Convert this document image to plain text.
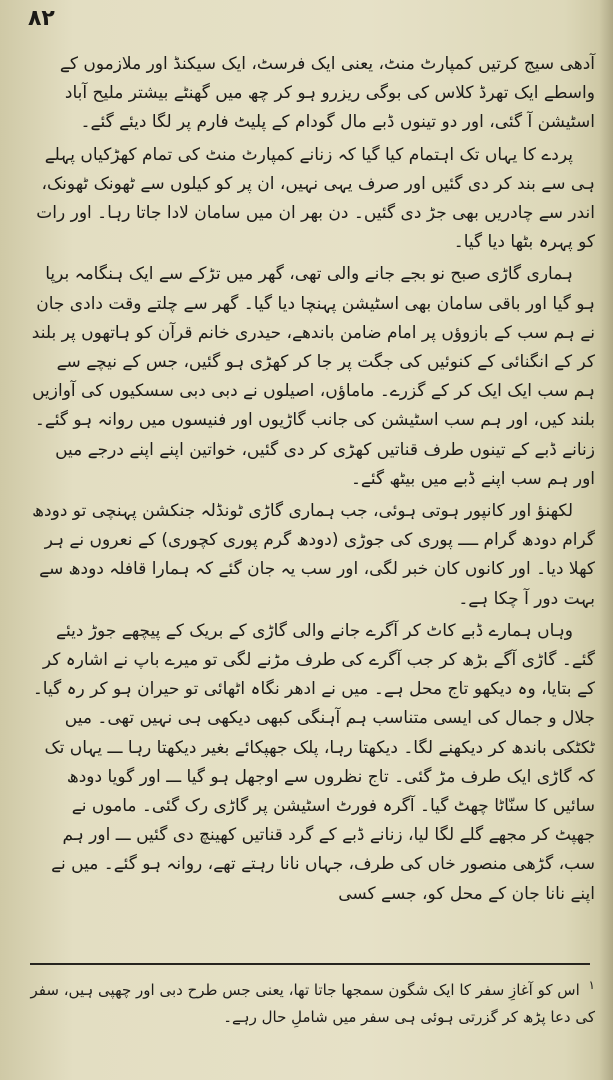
۸۲

آدھی سیج کرتیں کمپارٹ منٹ، یعنی ایک فرسٹ، ایک سیکنڈ اور ملازموں کے واسطے ایک تھرڈ کلاس کی بوگی ریزرو ہو کر چھ میں گھنٹے بیشتر ملیح آباد اسٹیشن آ گئی، اور دو تینوں ڈبے مال گودام کے پلیٹ فارم پر لگا دیئے گئے۔

پردے کا یہاں تک اہتمام کیا گیا کہ زنانے کمپارٹ منٹ کی تمام کھڑکیاں پہلے ہی سے بند کر دی گئیں اور صرف یہی نہیں، ان پر کو کیلوں سے ٹھونک ٹھونک، اندر سے چادریں بھی جڑ دی گئیں۔ دن بھر ان میں سامان لادا جاتا رہا۔ اور رات کو پہرہ بٹھا دیا گیا۔

ہماری گاڑی صبح نو بجے جانے والی تھی، گھر میں تڑکے سے ایک ہنگامہ برپا ہو گیا اور باقی سامان بھی اسٹیشن پہنچا دیا گیا۔ گھر سے چلتے وقت دادی جان نے ہم سب کے بازوؤں پر امام ضامن باندھے، حیدری خانم قرآن کو ہاتھوں پر بلند کر کے انگنائی کے کنوئیں کی جگت پر جا کر کھڑی ہو گئیں، جس کے نیچے سے ہم سب ایک ایک کر کے گزرے۔ ماماؤں، اصیلوں نے دبی دبی سسکیوں کی آوازیں بلند کیں، اور ہم سب اسٹیشن کی جانب گاڑیوں اور فنیسوں میں روانہ ہو گئے۔ زنانے ڈبے کے تینوں طرف قناتیں کھڑی کر دی گئیں، خواتین اپنے اپنے درجے میں اور ہم سب اپنے ڈبے میں بیٹھ گئے۔

لکھنؤ اور کانپور ہوتی ہوئی، جب ہماری گاڑی ٹونڈلہ جنکشن پہنچی تو دودھ گرام دودھ گرام ــــ پوری کی جوڑی (دودھ گرم پوری کچوری) کے نعروں نے ہر کھلا دیا۔ اور کانوں کان خبر لگی، اور سب یہ جان گئے کہ ہمارا قافلہ دودھ سے بہت دور آ چکا ہے۔

وہاں ہمارے ڈبے کاٹ کر آگرے جانے والی گاڑی کے بریک کے پیچھے جوڑ دیئے گئے۔ گاڑی آگے بڑھ کر جب آگرے کی طرف مڑنے لگی تو میرے باپ نے اشارہ کر کے بتایا، وہ دیکھو تاج محل ہے۔ میں نے ادھر نگاہ اٹھائی تو حیران ہو کر رہ گیا۔ جلال و جمال کی ایسی متناسب ہم آہنگی کبھی دیکھی ہی نہیں تھی۔ میں ٹکٹکی باندھ کر دیکھنے لگا۔ دیکھتا رہا، پلک جھپکائے بغیر دیکھتا رہا ـــ یہاں تک کہ گاڑی ایک طرف مڑ گئی۔ تاج نظروں سے اوجھل ہو گیا ـــ اور گویا دودھ سائیں کا سنّاٹا چھٹ گیا۔ آگرہ فورٹ اسٹیشن پر گاڑی رک گئی۔ ماموں نے جھپٹ کر مجھے گلے لگا لیا، زنانے ڈبے کے گرد قناتیں کھینچ دی گئیں ـــ اور ہم سب، گڑھی منصور خاں کی طرف، جہاں نانا رہتے تھے، روانہ ہو گئے۔ میں نے اپنے نانا جان کے محل کو، جسے کسی

$^۱$ اس کو آغازِ سفر کا ایک شگون سمجھا جاتا تھا، یعنی جس طرح دبی اور چھپی ہیں، سفر کی دعا پڑھ کر گزرتی ہوئی ہی سفر میں شاملِ حال رہے۔
